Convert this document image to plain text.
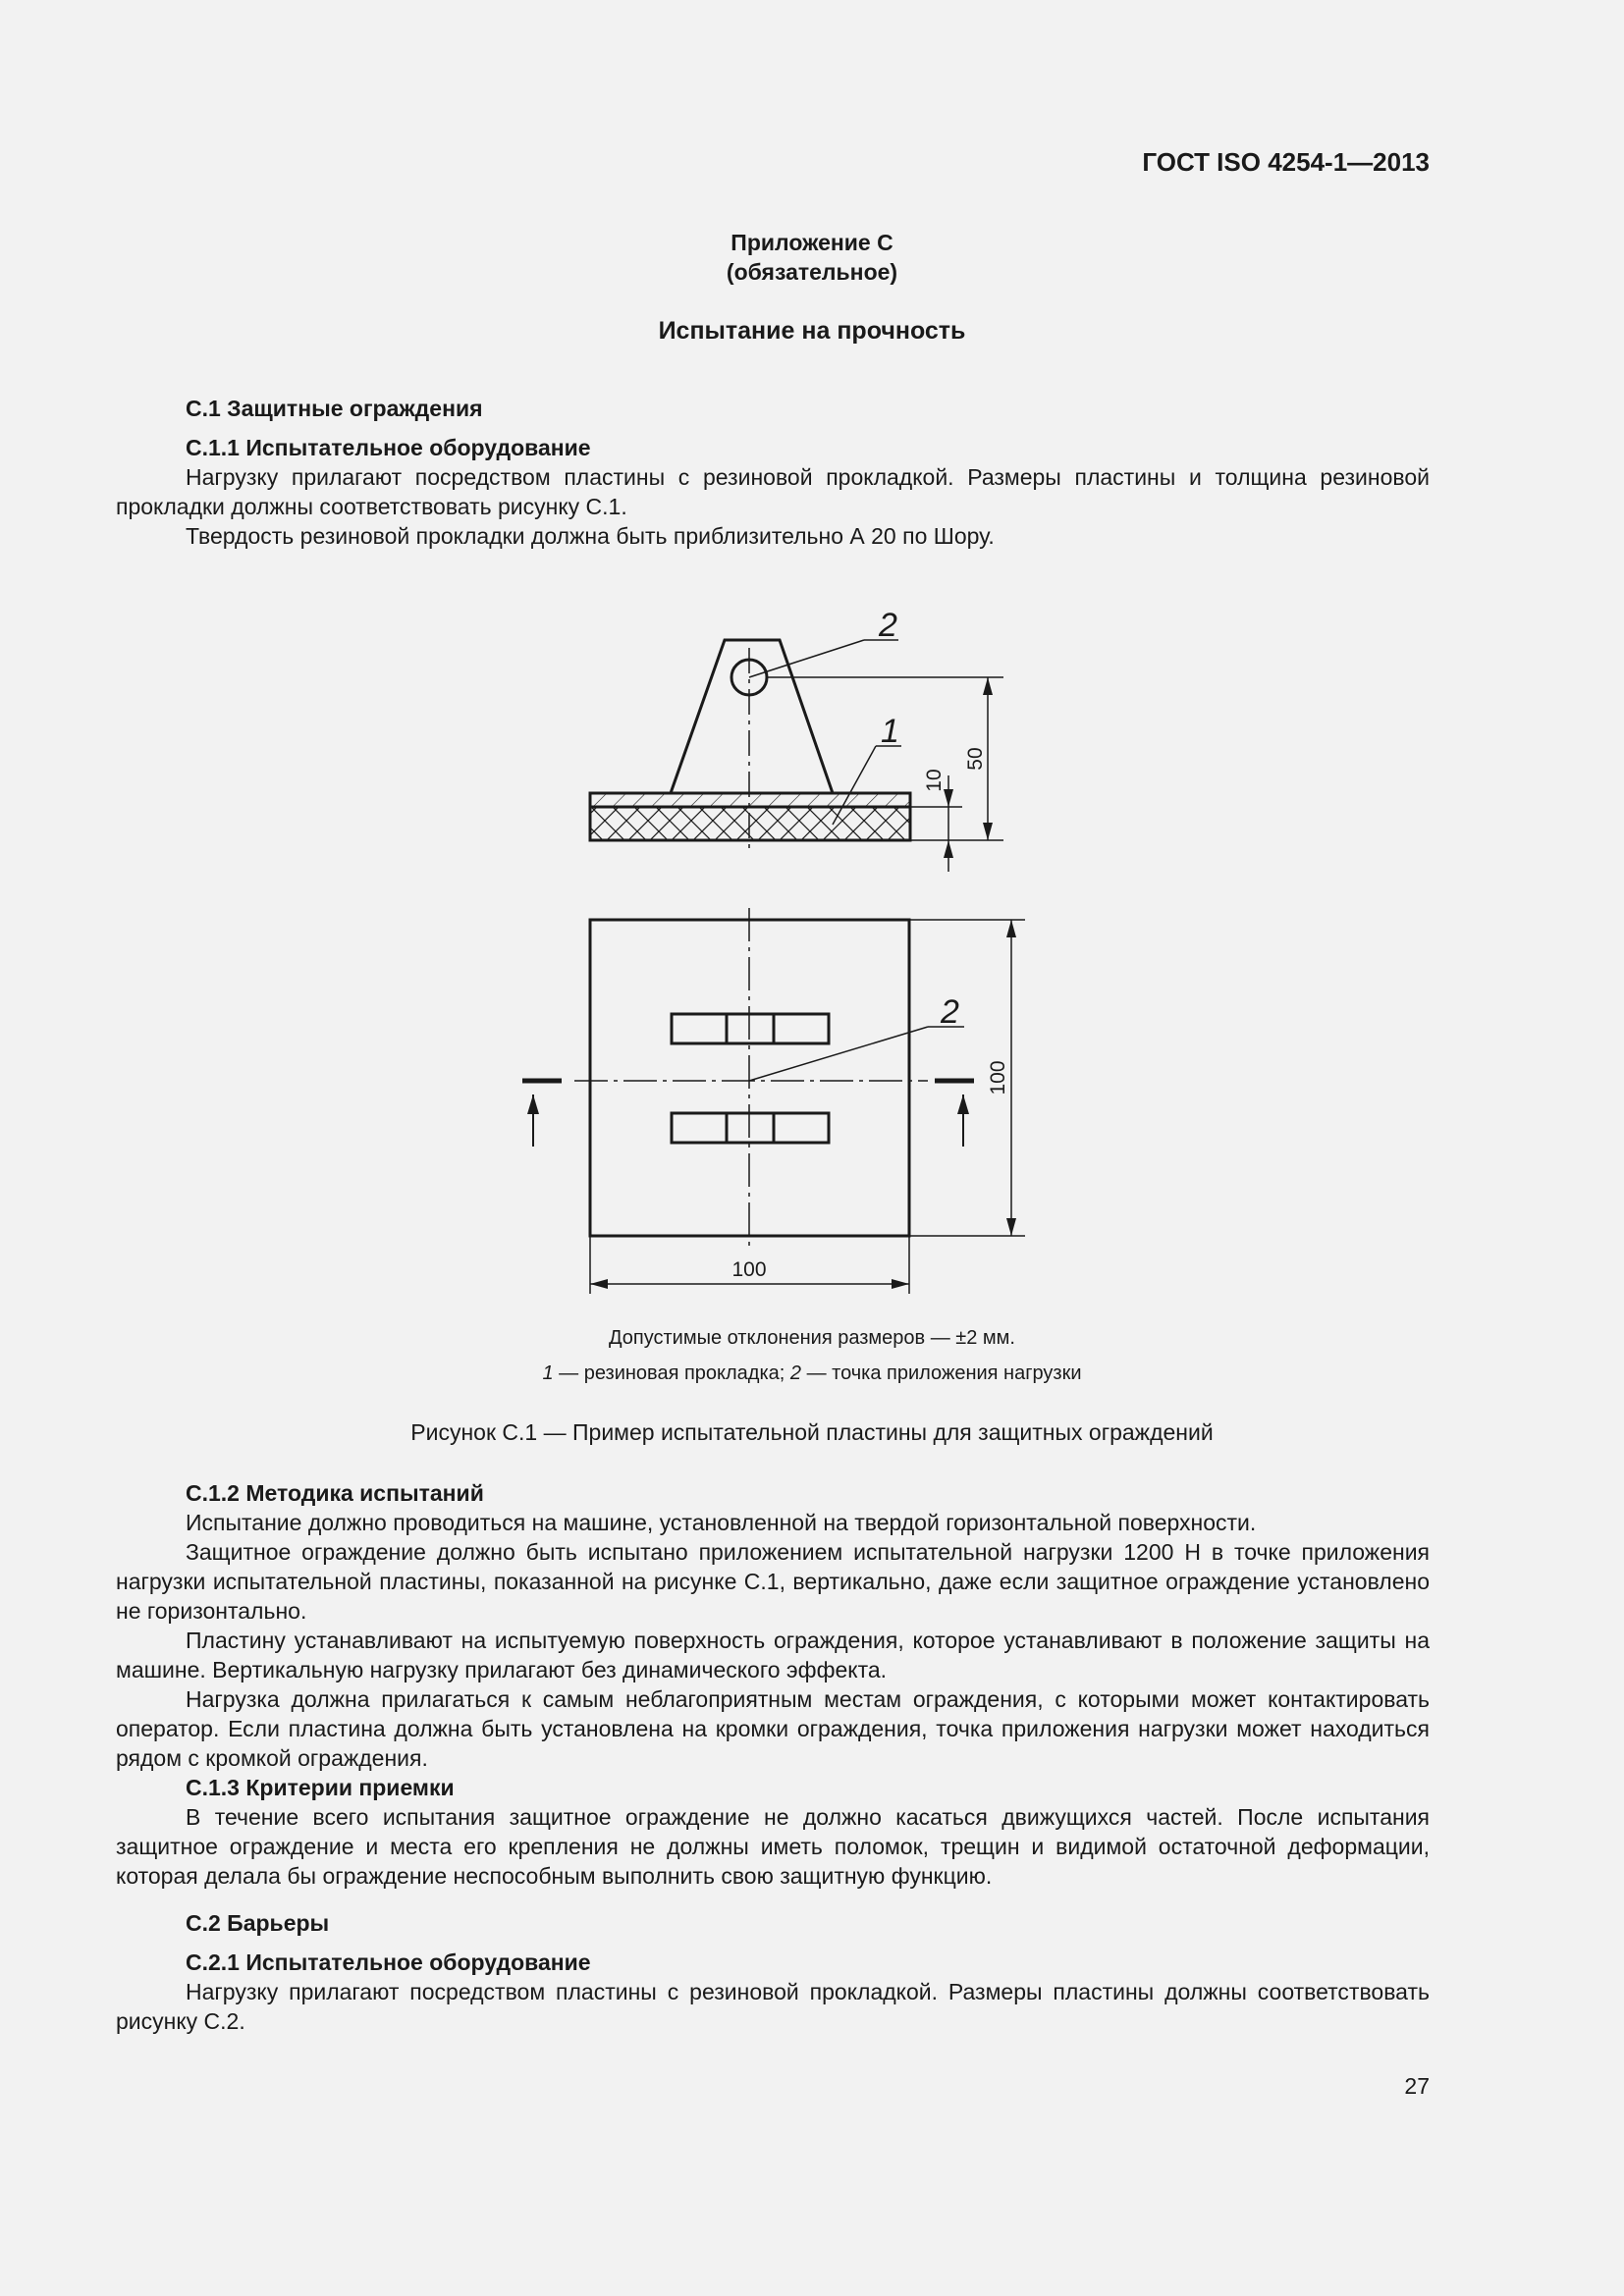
ГОСТ ISO 4254-1—2013
Приложение С
(обязательное)
Испытание на прочность
С.1 Защитные ограждения
С.1.1 Испытательное оборудование
Нагрузку прилагают посредством пластины с резиновой прокладкой. Размеры пластины и толщина резиновой прокладки должны соответствовать рисунку С.1.
Твердость резиновой прокладки должна быть приблизительно А 20 по Шору.
2
1
2
50
10
100
100
Допустимые отклонения размеров — ±2 мм.
1 — резиновая прокладка; 2 — точка приложения нагрузки
Рисунок С.1 — Пример испытательной пластины для защитных ограждений
С.1.2 Методика испытаний
Испытание должно проводиться на машине, установленной на твердой горизонтальной поверхности.
Защитное ограждение должно быть испытано приложением испытательной нагрузки 1200 Н в точке приложения нагрузки испытательной пластины, показанной на рисунке С.1, вертикально, даже если защитное ограждение установлено не горизонтально.
Пластину устанавливают на испытуемую поверхность ограждения, которое устанавливают в положение защиты на машине. Вертикальную нагрузку прилагают без динамического эффекта.
Нагрузка должна прилагаться к самым неблагоприятным местам ограждения, с которыми может контактировать оператор. Если пластина должна быть установлена на кромки ограждения, точка приложения нагрузки может находиться рядом с кромкой ограждения.
С.1.3 Критерии приемки
В течение всего испытания защитное ограждение не должно касаться движущихся частей. После испытания защитное ограждение и места его крепления не должны иметь поломок, трещин и видимой остаточной деформации, которая делала бы ограждение неспособным выполнить свою защитную функцию.
С.2 Барьеры
С.2.1 Испытательное оборудование
Нагрузку прилагают посредством пластины с резиновой прокладкой. Размеры пластины должны соответствовать рисунку С.2.
27
